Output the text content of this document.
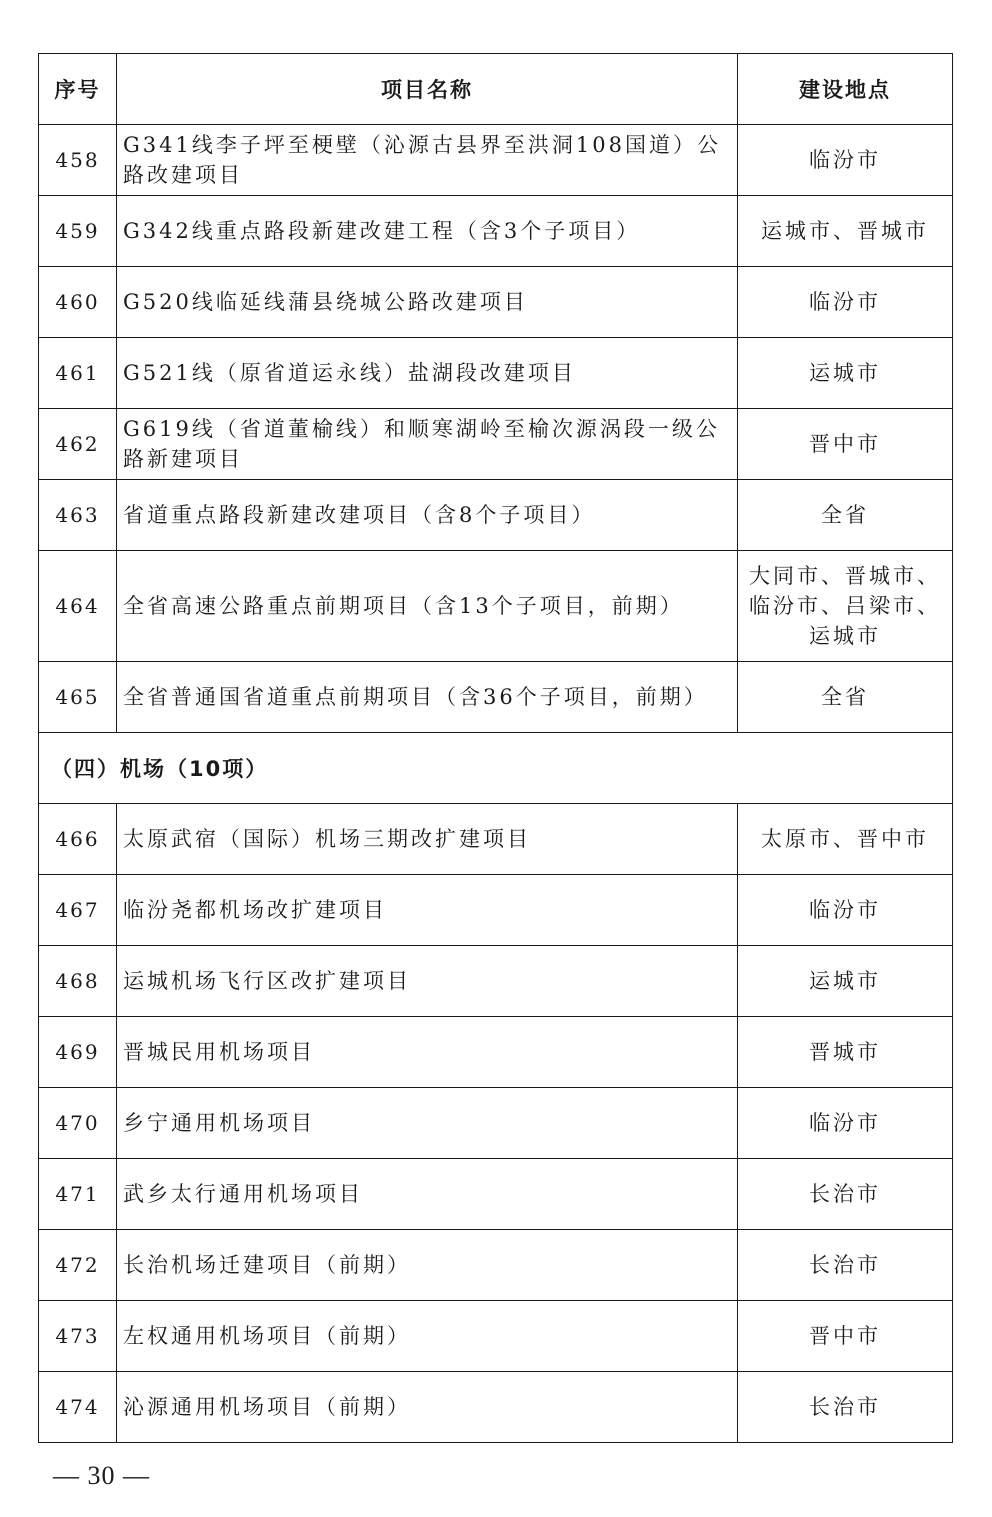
序号	项目名称	建设地点
458	G341线李子坪至梗壁（沁源古县界至洪洞108国道）公路改建项目	临汾市
459	G342线重点路段新建改建工程（含3个子项目）	运城市、晋城市
460	G520线临延线蒲县绕城公路改建项目	临汾市
461	G521线（原省道运永线）盐湖段改建项目	运城市
462	G619线（省道董榆线）和顺寒湖岭至榆次源涡段一级公路新建项目	晋中市
463	省道重点路段新建改建项目（含8个子项目）	全省
464	全省高速公路重点前期项目（含13个子项目，前期）	大同市、晋城市、临汾市、吕梁市、运城市
465	全省普通国省道重点前期项目（含36个子项目，前期）	全省
（四）机场（10项）		
466	太原武宿（国际）机场三期改扩建项目	太原市、晋中市
467	临汾尧都机场改扩建项目	临汾市
468	运城机场飞行区改扩建项目	运城市
469	晋城民用机场项目	晋城市
470	乡宁通用机场项目	临汾市
471	武乡太行通用机场项目	长治市
472	长治机场迁建项目（前期）	长治市
473	左权通用机场项目（前期）	晋中市
474	沁源通用机场项目（前期）	长治市
— 30 —
